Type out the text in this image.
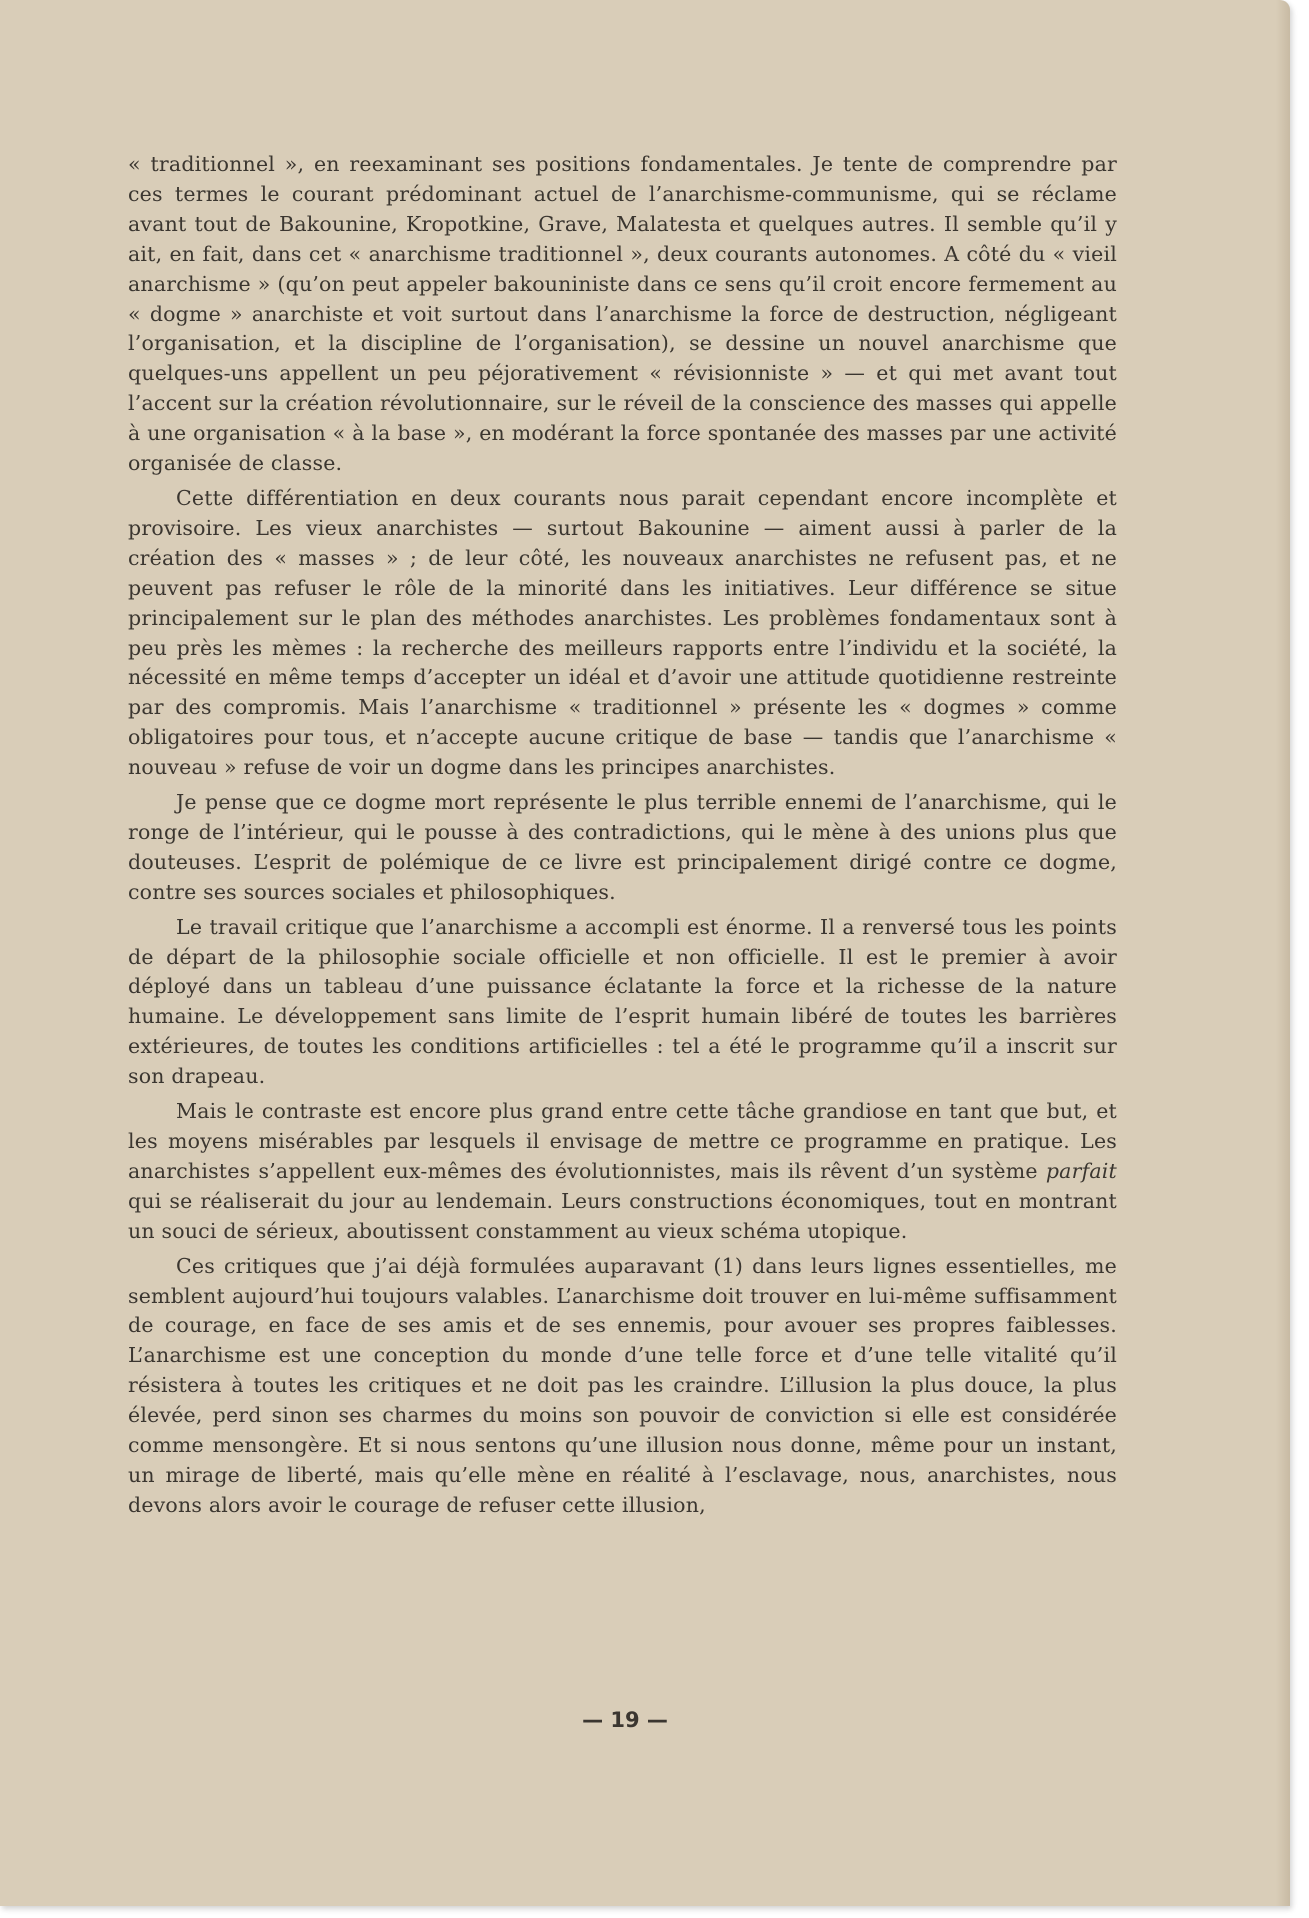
« traditionnel », en reexaminant ses positions fondamentales. Je tente de comprendre par ces termes le courant prédominant actuel de l’anarchisme-communisme, qui se réclame avant tout de Bakounine, Kropotkine, Grave, Malatesta et quelques autres. Il semble qu’il y ait, en fait, dans cet « anarchisme traditionnel », deux courants autonomes. A côté du « vieil anarchisme » (qu’on peut appeler bakouniniste dans ce sens qu’il croit encore fermement au « dogme » anarchiste et voit surtout dans l’anarchisme la force de destruction, négligeant l’organisation, et la discipline de l’organisation), se dessine un nouvel anarchisme que quelques-uns appellent un peu péjorativement « révisionniste » — et qui met avant tout l’accent sur la création révolutionnaire, sur le réveil de la conscience des masses qui appelle à une organisation « à la base », en modérant la force spontanée des masses par une activité organisée de classe.

Cette différentiation en deux courants nous parait cependant encore incomplète et provisoire. Les vieux anarchistes — surtout Bakounine — aiment aussi à parler de la création des « masses » ; de leur côté, les nouveaux anarchistes ne refusent pas, et ne peuvent pas refuser le rôle de la minorité dans les initiatives. Leur différence se situe principalement sur le plan des méthodes anarchistes. Les problèmes fondamentaux sont à peu près les mèmes : la recherche des meilleurs rapports entre l’individu et la société, la nécessité en même temps d’accepter un idéal et d’avoir une attitude quotidienne restreinte par des compromis. Mais l’anarchisme « traditionnel » présente les « dogmes » comme obligatoires pour tous, et n’accepte aucune critique de base — tandis que l’anarchisme « nouveau » refuse de voir un dogme dans les principes anarchistes.

Je pense que ce dogme mort représente le plus terrible ennemi de l’anarchisme, qui le ronge de l’intérieur, qui le pousse à des contradictions, qui le mène à des unions plus que douteuses. L’esprit de polémique de ce livre est principalement dirigé contre ce dogme, contre ses sources sociales et philosophiques.

Le travail critique que l’anarchisme a accompli est énorme. Il a renversé tous les points de départ de la philosophie sociale officielle et non officielle. Il est le premier à avoir déployé dans un tableau d’une puissance éclatante la force et la richesse de la nature humaine. Le développement sans limite de l’esprit humain libéré de toutes les barrières extérieures, de toutes les conditions artificielles : tel a été le programme qu’il a inscrit sur son drapeau.

Mais le contraste est encore plus grand entre cette tâche grandiose en tant que but, et les moyens misérables par lesquels il envisage de mettre ce programme en pratique. Les anarchistes s’appellent eux-mêmes des évolutionnistes, mais ils rêvent d’un système parfait qui se réaliserait du jour au lendemain. Leurs constructions économiques, tout en montrant un souci de sérieux, aboutissent constamment au vieux schéma utopique.

Ces critiques que j’ai déjà formulées auparavant (1) dans leurs lignes essentielles, me semblent aujourd’hui toujours valables. L’anarchisme doit trouver en lui-même suffisamment de courage, en face de ses amis et de ses ennemis, pour avouer ses propres faiblesses. L’anarchisme est une conception du monde d’une telle force et d’une telle vitalité qu’il résistera à toutes les critiques et ne doit pas les craindre. L’illusion la plus douce, la plus élevée, perd sinon ses charmes du moins son pouvoir de conviction si elle est considérée comme mensongère. Et si nous sentons qu’une illusion nous donne, même pour un instant, un mirage de liberté, mais qu’elle mène en réalité à l’esclavage, nous, anarchistes, nous devons alors avoir le courage de refuser cette illusion,

— 19 —
